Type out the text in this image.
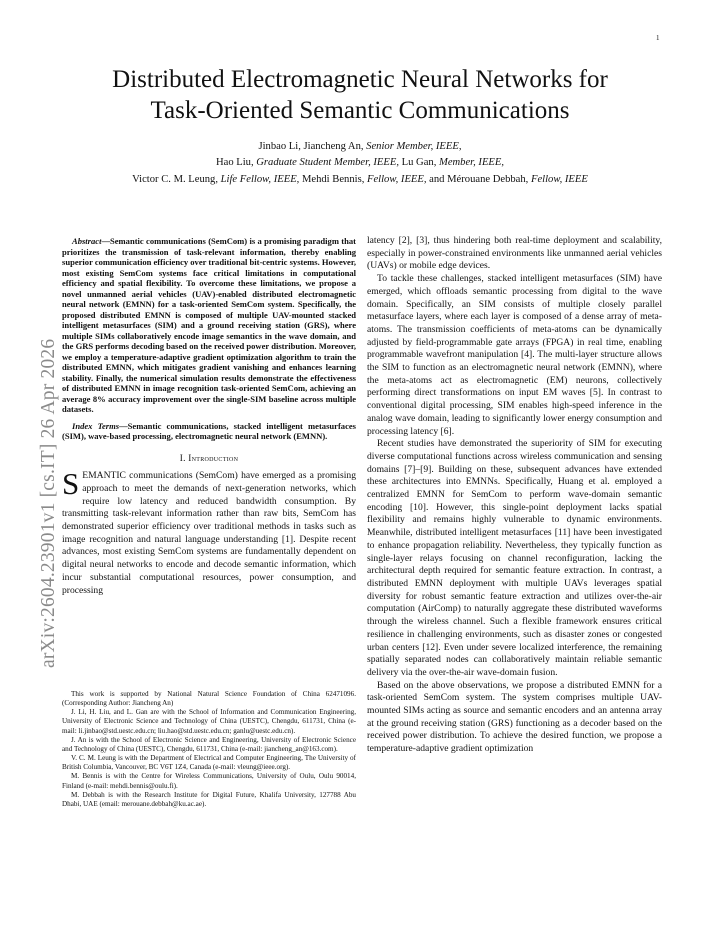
1
arXiv:2604.23901v1 [cs.IT] 26 Apr 2026
Distributed Electromagnetic Neural Networks for
Task-Oriented Semantic Communications
Jinbao Li, Jiancheng An, Senior Member, IEEE,
Hao Liu, Graduate Student Member, IEEE, Lu Gan, Member, IEEE,
Victor C. M. Leung, Life Fellow, IEEE, Mehdi Bennis, Fellow, IEEE, and Mérouane Debbah, Fellow, IEEE

Abstract—Semantic communications (SemCom) is a promising paradigm that prioritizes the transmission of task-relevant information, thereby enabling superior communication efficiency over traditional bit-centric systems. However, most existing SemCom systems face critical limitations in computational efficiency and spatial flexibility. To overcome these limitations, we propose a novel unmanned aerial vehicles (UAV)-enabled distributed electromagnetic neural network (EMNN) for a task-oriented SemCom system. Specifically, the proposed distributed EMNN is composed of multiple UAV-mounted stacked intelligent metasurfaces (SIM) and a ground receiving station (GRS), where multiple SIMs collaboratively encode image semantics in the wave domain, and the GRS performs decoding based on the received power distribution. Moreover, we employ a temperature-adaptive gradient optimization algorithm to train the distributed EMNN, which mitigates gradient vanishing and enhances learning stability. Finally, the numerical simulation results demonstrate the effectiveness of distributed EMNN in image recognition task-oriented SemCom, achieving an average 8% accuracy improvement over the single-SIM baseline across multiple datasets.

Index Terms—Semantic communications, stacked intelligent metasurfaces (SIM), wave-based processing, electromagnetic neural network (EMNN).

I. Introduction

SEMANTIC communications (SemCom) have emerged as a promising approach to meet the demands of next-generation networks, which require low latency and reduced bandwidth consumption. By transmitting task-relevant information rather than raw bits, SemCom has demonstrated superior efficiency over traditional methods in tasks such as image recognition and natural language understanding [1]. Despite recent advances, most existing SemCom systems are fundamentally dependent on digital neural networks to encode and decode semantic information, which incur substantial computational resources, power consumption, and processing

This work is supported by National Natural Science Foundation of China 62471096. (Corresponding Author: Jiancheng An)

J. Li, H. Liu, and L. Gan are with the School of Information and Communication Engineering, University of Electronic Science and Technology of China (UESTC), Chengdu, 611731, China (e-mail: li.jinbao@std.uestc.edu.cn; liu.hao@std.uestc.edu.cn; ganlu@uestc.edu.cn).

J. An is with the School of Electronic Science and Engineering, University of Electronic Science and Technology of China (UESTC), Chengdu, 611731, China (e-mail: jiancheng_an@163.com).

V. C. M. Leung is with the Department of Electrical and Computer Engineering, The University of British Columbia, Vancouver, BC V6T 1Z4, Canada (e-mail: vleung@ieee.org).

M. Bennis is with the Centre for Wireless Communications, University of Oulu, Oulu 90014, Finland (e-mail: mehdi.bennis@oulu.fi).

M. Debbah is with the Research Institute for Digital Future, Khalifa University, 127788 Abu Dhabi, UAE (email: merouane.debbah@ku.ac.ae).

latency [2], [3], thus hindering both real-time deployment and scalability, especially in power-constrained environments like unmanned aerial vehicles (UAVs) or mobile edge devices.

To tackle these challenges, stacked intelligent metasurfaces (SIM) have emerged, which offloads semantic processing from digital to the wave domain. Specifically, an SIM consists of multiple closely parallel metasurface layers, where each layer is composed of a dense array of meta-atoms. The transmission coefficients of meta-atoms can be dynamically adjusted by field-programmable gate arrays (FPGA) in real time, enabling programmable wavefront manipulation [4]. The multi-layer structure allows the SIM to function as an electromagnetic neural network (EMNN), where the meta-atoms act as electromagnetic (EM) neurons, collectively performing direct transformations on input EM waves [5]. In contrast to conventional digital processing, SIM enables high-speed inference in the analog wave domain, leading to significantly lower energy consumption and processing latency [6].

Recent studies have demonstrated the superiority of SIM for executing diverse computational functions across wireless communication and sensing domains [7]–[9]. Building on these, subsequent advances have extended these architectures into EMNNs. Specifically, Huang et al. employed a centralized EMNN for SemCom to perform wave-domain semantic encoding [10]. However, this single-point deployment lacks spatial flexibility and remains highly vulnerable to dynamic environments. Meanwhile, distributed intelligent metasurfaces [11] have been investigated to enhance propagation reliability. Nevertheless, they typically function as single-layer relays focusing on channel reconfiguration, lacking the architectural depth required for semantic feature extraction. In contrast, a distributed EMNN deployment with multiple UAVs leverages spatial diversity for robust semantic feature extraction and utilizes over-the-air computation (AirComp) to naturally aggregate these distributed waveforms through the wireless channel. Such a flexible framework ensures critical resilience in challenging environments, such as disaster zones or congested urban centers [12]. Even under severe localized interference, the remaining spatially separated nodes can collaboratively maintain reliable semantic delivery via the over-the-air wave-domain fusion.

Based on the above observations, we propose a distributed EMNN for a task-oriented SemCom system. The system comprises multiple UAV-mounted SIMs acting as source and semantic encoders and an antenna array at the ground receiving station (GRS) functioning as a decoder based on the received power distribution. To achieve the desired function, we propose a temperature-adaptive gradient optimization
